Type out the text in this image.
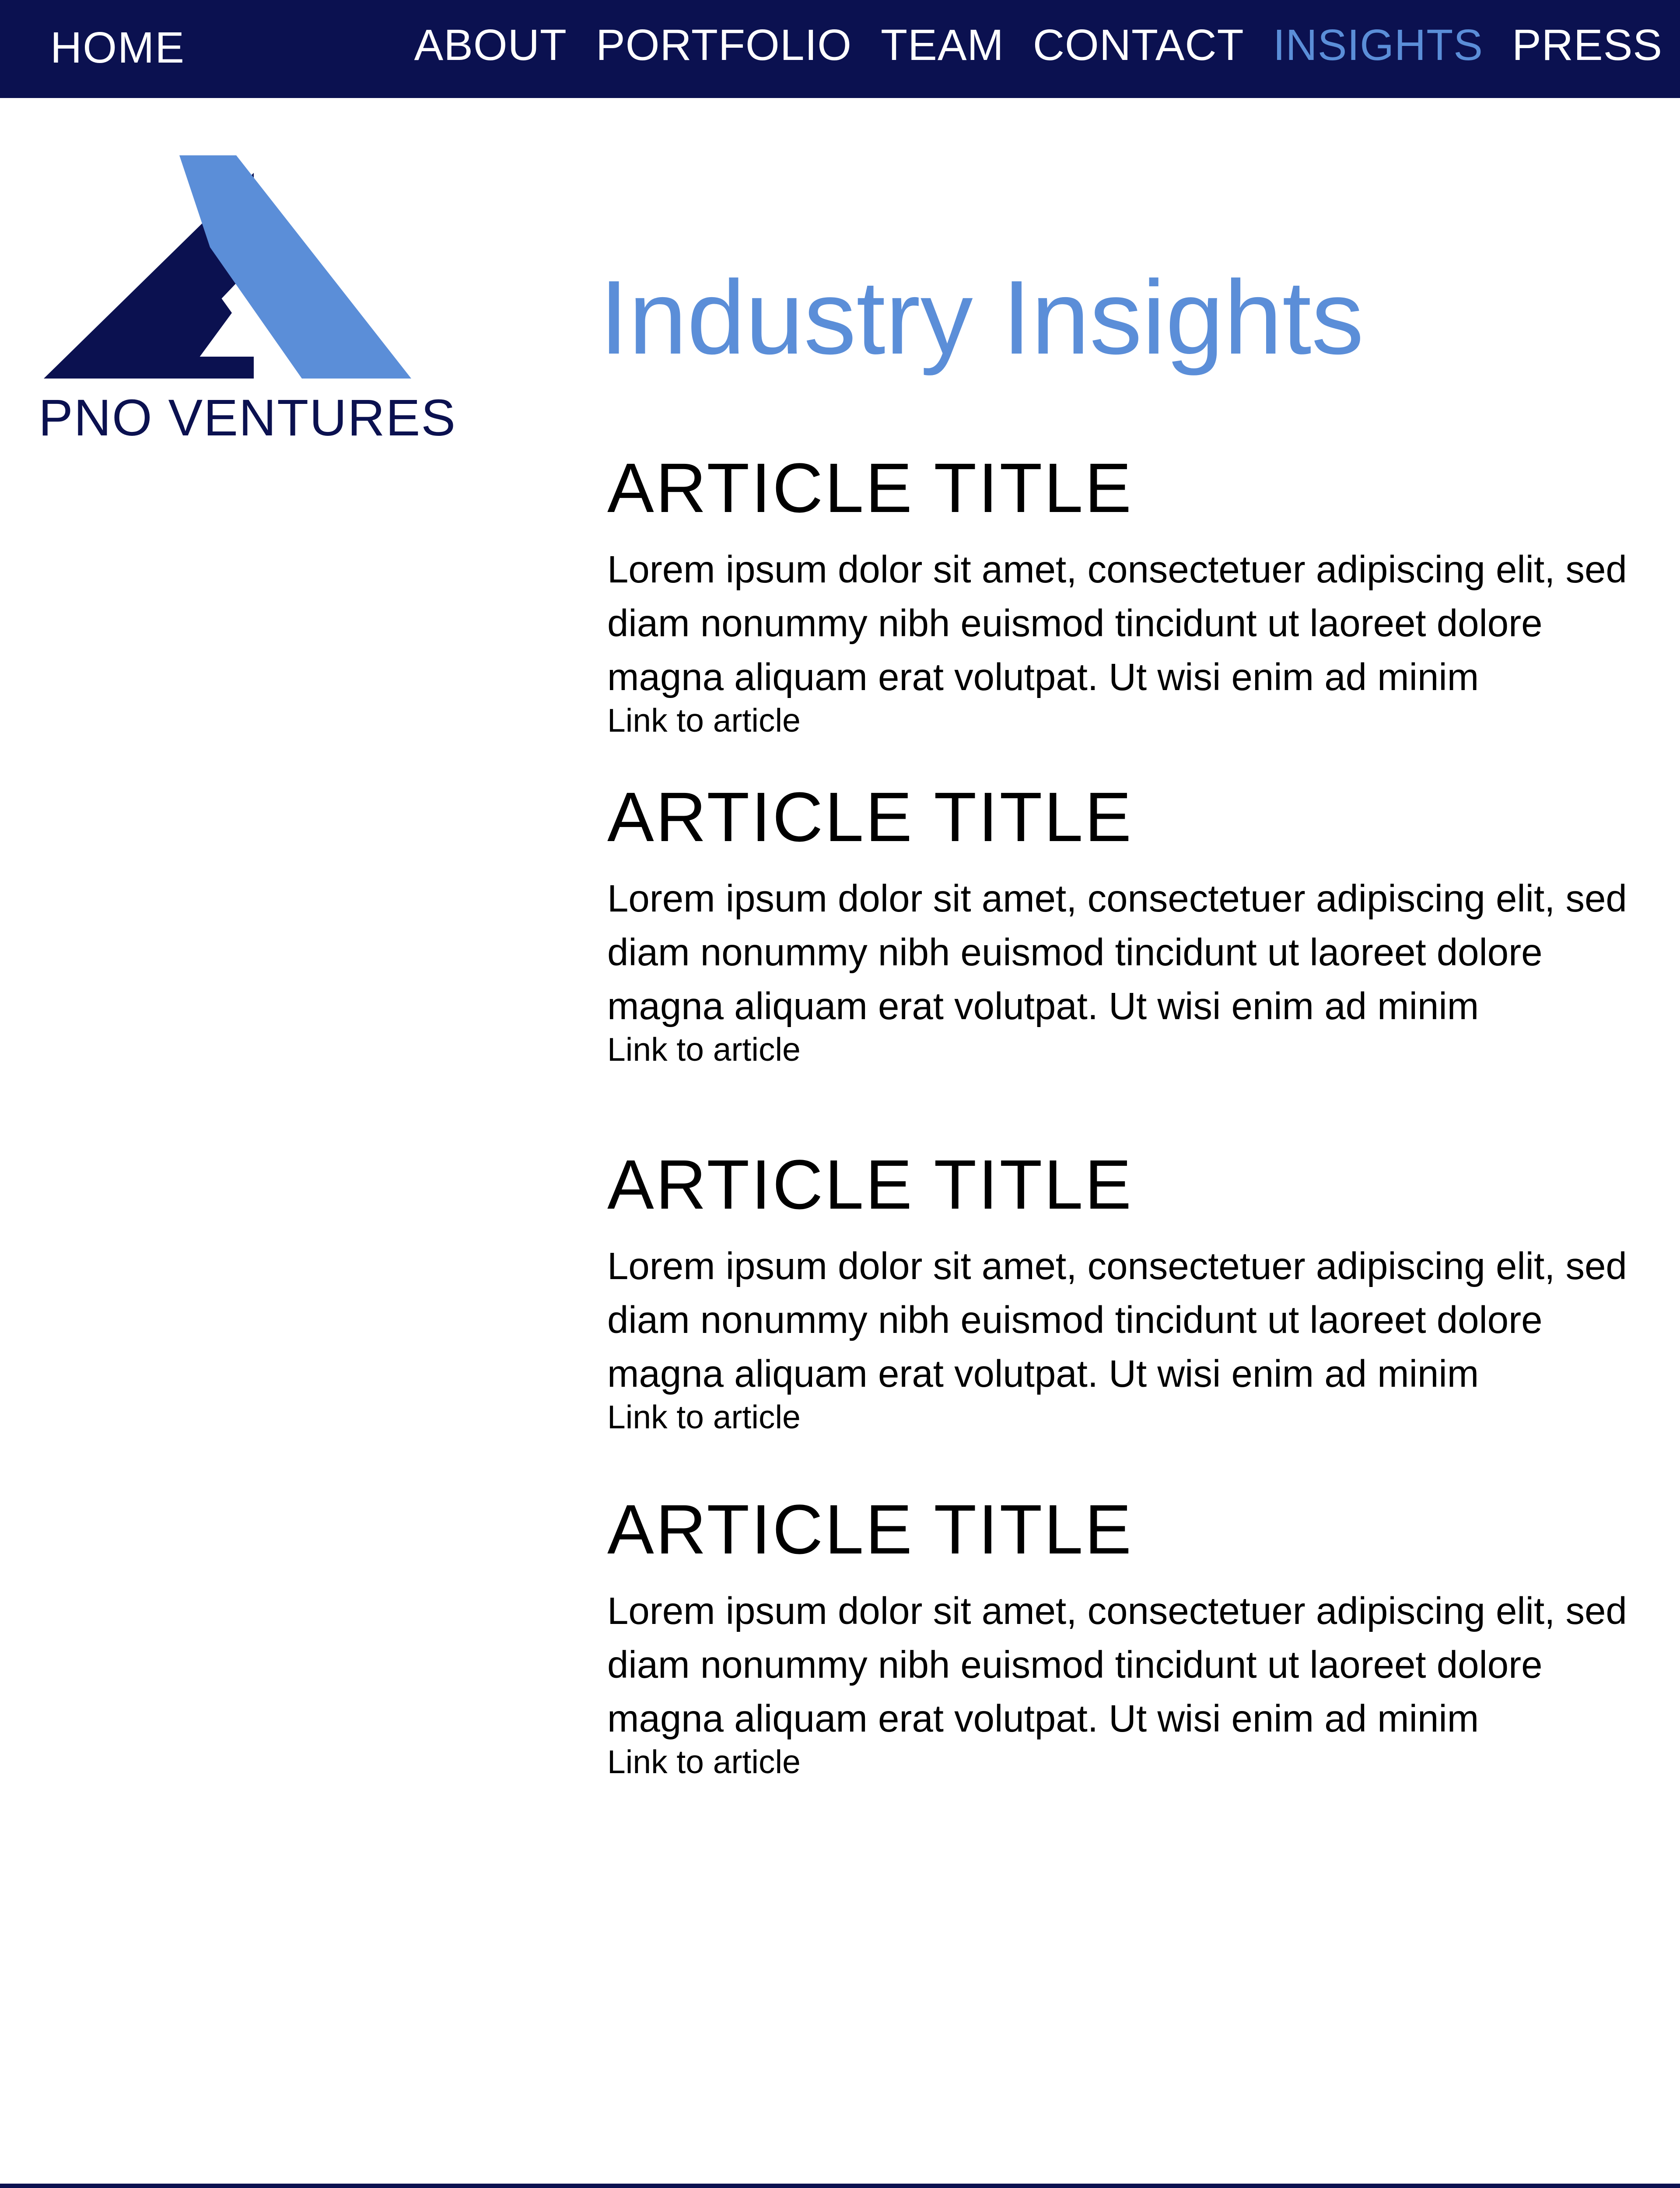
HOME	ABOUT PORTFOLIO TEAM CONTACT INSIGHTS PRESS
PNO VENTURES
Industry Insights
ARTICLE TITLE
Lorem ipsum dolor sit amet, consectetuer adipiscing elit, sed diam nonummy nibh euismod tincidunt ut laoreet dolore magna aliquam erat volutpat. Ut wisi enim ad minim
Link to article
ARTICLE TITLE
Lorem ipsum dolor sit amet, consectetuer adipiscing elit, sed diam nonummy nibh euismod tincidunt ut laoreet dolore magna aliquam erat volutpat. Ut wisi enim ad minim
Link to article
ARTICLE TITLE
Lorem ipsum dolor sit amet, consectetuer adipiscing elit, sed diam nonummy nibh euismod tincidunt ut laoreet dolore magna aliquam erat volutpat. Ut wisi enim ad minim
Link to article
ARTICLE TITLE
Lorem ipsum dolor sit amet, consectetuer adipiscing elit, sed diam nonummy nibh euismod tincidunt ut laoreet dolore magna aliquam erat volutpat. Ut wisi enim ad minim
Link to article
